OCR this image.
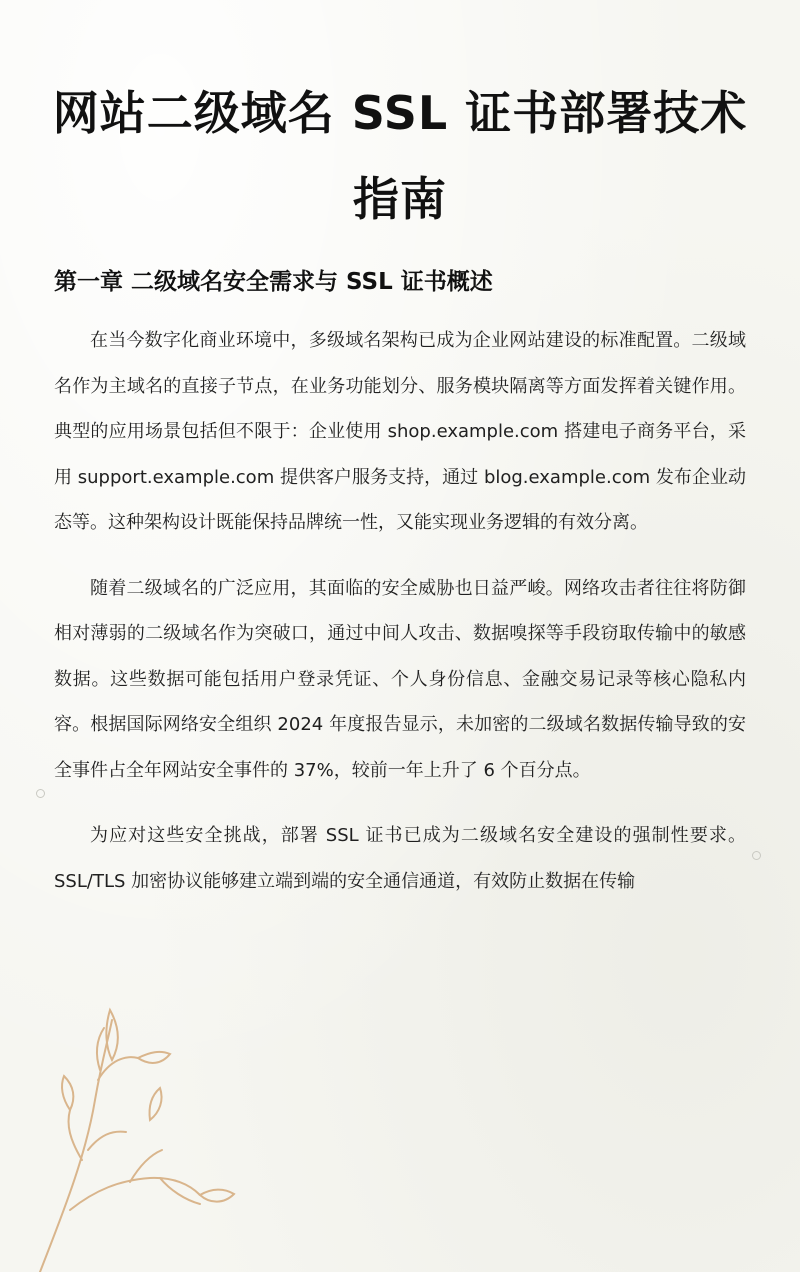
网站二级域名 SSL 证书部署技术指南
第一章 二级域名安全需求与 SSL 证书概述

在当今数字化商业环境中，多级域名架构已成为企业网站建设的标准配置。二级域名作为主域名的直接子节点，在业务功能划分、服务模块隔离等方面发挥着关键作用。典型的应用场景包括但不限于：企业使用 shop.example.com 搭建电子商务平台，采用 support.example.com 提供客户服务支持，通过 blog.example.com 发布企业动态等。这种架构设计既能保持品牌统一性，又能实现业务逻辑的有效分离。

随着二级域名的广泛应用，其面临的安全威胁也日益严峻。网络攻击者往往将防御相对薄弱的二级域名作为突破口，通过中间人攻击、数据嗅探等手段窃取传输中的敏感数据。这些数据可能包括用户登录凭证、个人身份信息、金融交易记录等核心隐私内容。根据国际网络安全组织 2024 年度报告显示，未加密的二级域名数据传输导致的安全事件占全年网站安全事件的 37%，较前一年上升了 6 个百分点。

为应对这些安全挑战，部署 SSL 证书已成为二级域名安全建设的强制性要求。SSL/TLS 加密协议能够建立端到端的安全通信通道，有效防止数据在传输
